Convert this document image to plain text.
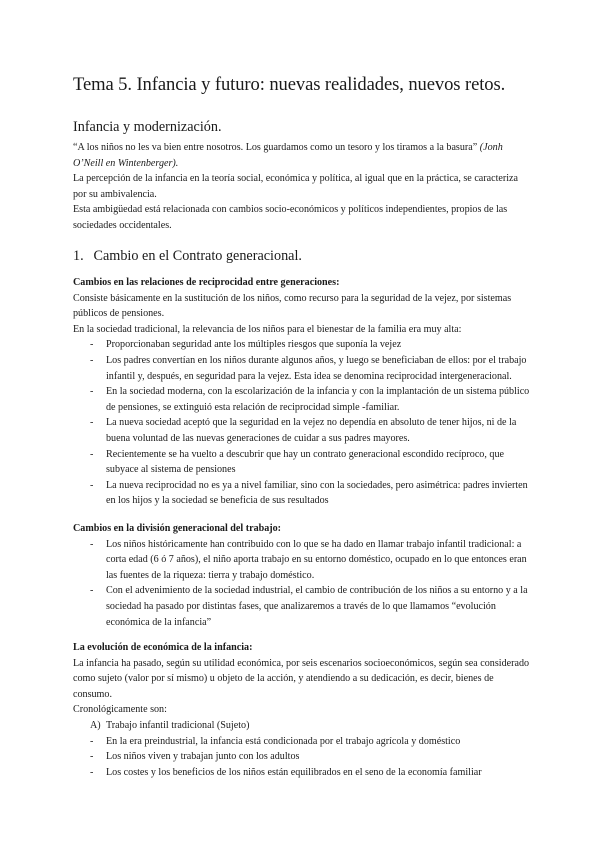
Tema 5. Infancia y futuro: nuevas realidades, nuevos retos.
Infancia y modernización.

“A los niños no les va bien entre nosotros. Los guardamos como un tesoro y los tiramos a la basura” (Jonh O’Neill en Wintenberger).

La percepción de la infancia en la teoría social, económica y política, al igual que en la práctica, se caracteriza por su ambivalencia.

Esta ambigüedad está relacionada con cambios socio-económicos y políticos independientes, propios de las sociedades occidentales.

1. Cambio en el Contrato generacional.

Cambios en las relaciones de reciprocidad entre generaciones:

Consiste básicamente en la sustitución de los niños, como recurso para la seguridad de la vejez, por sistemas públicos de pensiones.

En la sociedad tradicional, la relevancia de los niños para el bienestar de la familia era muy alta:

- Proporcionaban seguridad ante los múltiples riesgos que suponía la vejez
- Los padres convertían en los niños durante algunos años, y luego se beneficiaban de ellos: por el trabajo infantil y, después, en seguridad para la vejez. Esta idea se denomina reciprocidad intergeneracional.
- En la sociedad moderna, con la escolarización de la infancia y con la implantación de un sistema público de pensiones, se extinguió esta relación de reciprocidad simple -familiar.
- La nueva sociedad aceptó que la seguridad en la vejez no dependía en absoluto de tener hijos, ni de la buena voluntad de las nuevas generaciones de cuidar a sus padres mayores.
- Recientemente se ha vuelto a descubrir que hay un contrato generacional escondido recíproco, que subyace al sistema de pensiones
- La nueva reciprocidad no es ya a nivel familiar, sino con la sociedades, pero asimétrica: padres invierten en los hijos y la sociedad se beneficia de sus resultados

Cambios en la división generacional del trabajo:

- Los niños históricamente han contribuido con lo que se ha dado en llamar trabajo infantil tradicional: a corta edad (6 ó 7 años), el niño aporta trabajo en su entorno doméstico, ocupado en lo que entonces eran las fuentes de la riqueza: tierra y trabajo doméstico.
- Con el advenimiento de la sociedad industrial, el cambio de contribución de los niños a su entorno y a la sociedad ha pasado por distintas fases, que analizaremos a través de lo que llamamos “evolución económica de la infancia”

La evolución de económica de la infancia:

La infancia ha pasado, según su utilidad económica, por seis escenarios socioeconómicos, según sea considerado como sujeto (valor por sí mismo) u objeto de la acción, y atendiendo a su dedicación, es decir, bienes de consumo.

Cronológicamente son:

A) Trabajo infantil tradicional (Sujeto)
- En la era preindustrial, la infancia está condicionada por el trabajo agrícola y doméstico
- Los niños viven y trabajan junto con los adultos
- Los costes y los beneficios de los niños están equilibrados en el seno de la economía familiar
